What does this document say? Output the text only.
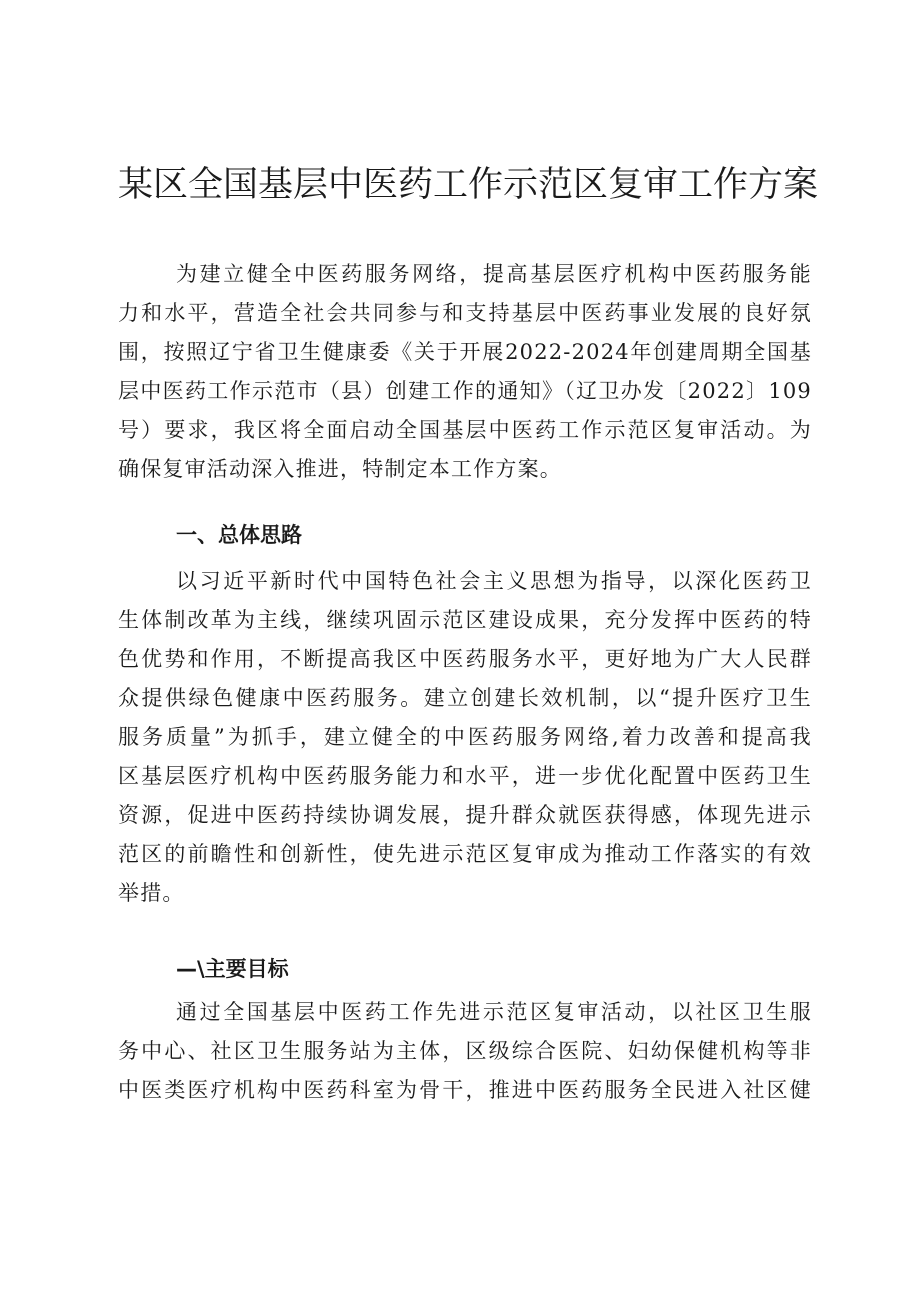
某区全国基层中医药工作示范区复审工作方案
为建立健全中医药服务网络，提高基层医疗机构中医药服务能
力和水平，营造全社会共同参与和支持基层中医药事业发展的良好氛
围，按照辽宁省卫生健康委《关于开展2022-2024年创建周期全国基
层中医药工作示范市（县）创建工作的通知》（辽卫办发〔2022〕109
号）要求，我区将全面启动全国基层中医药工作示范区复审活动。为
确保复审活动深入推进，特制定本工作方案。
一、总体思路
以习近平新时代中国特色社会主义思想为指导，以深化医药卫
生体制改革为主线，继续巩固示范区建设成果，充分发挥中医药的特
色优势和作用，不断提高我区中医药服务水平，更好地为广大人民群
众提供绿色健康中医药服务。建立创建长效机制，以“提升医疗卫生
服务质量”为抓手，建立健全的中医药服务网络,着力改善和提高我
区基层医疗机构中医药服务能力和水平，进一步优化配置中医药卫生
资源，促进中医药持续协调发展，提升群众就医获得感，体现先进示
范区的前瞻性和创新性，使先进示范区复审成为推动工作落实的有效
举措。
—\主要目标
通过全国基层中医药工作先进示范区复审活动，以社区卫生服
务中心、社区卫生服务站为主体，区级综合医院、妇幼保健机构等非
中医类医疗机构中医药科室为骨干，推进中医药服务全民进入社区健
